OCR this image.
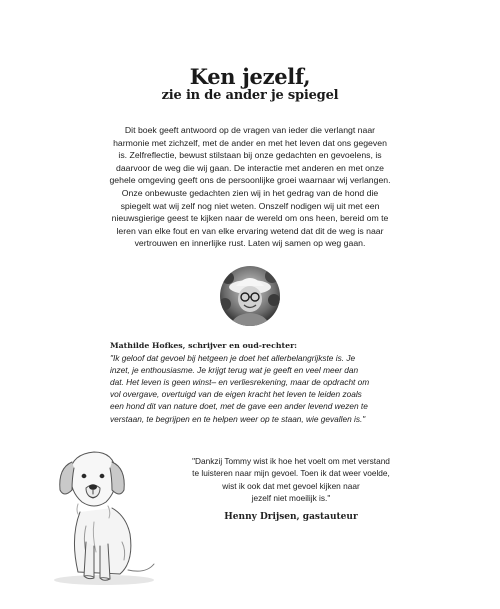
Ken jezelf,
zie in de ander je spiegel
Dit boek geeft antwoord op de vragen van ieder die verlangt naar
harmonie met zichzelf, met de ander en met het leven dat ons gegeven
is. Zelfreflectie, bewust stilstaan bij onze gedachten en gevoelens, is
daarvoor de weg die wij gaan. De interactie met anderen en met onze
gehele omgeving geeft ons de persoonlijke groei waarnaar wij verlangen.
Onze onbewuste gedachten zien wij in het gedrag van de hond die
spiegelt wat wij zelf nog niet weten. Onszelf nodigen wij uit met een
nieuwsgierige geest te kijken naar de wereld om ons heen, bereid om te
leren van elke fout en van elke ervaring wetend dat dit de weg is naar
vertrouwen en innerlijke rust. Laten wij samen op weg gaan.
Mathilde Hofkes, schrijver en oud-rechter:
"Ik geloof dat gevoel bij hetgeen je doet het allerbelangrijkste is. Je
inzet, je enthousiasme. Je krijgt terug wat je geeft en veel meer dan
dat. Het leven is geen winst– en verliesrekening, maar de opdracht om
vol overgave, overtuigd van de eigen kracht het leven te leiden zoals
een hond dit van nature doet, met de gave een ander levend wezen te
verstaan, te begrijpen en te helpen weer op te staan, wie gevallen is."
"Dankzij Tommy wist ik hoe het voelt om met verstand
te luisteren naar mijn gevoel. Toen ik dat weer voelde,
wist ik ook dat met gevoel kijken naar
jezelf niet moeilijk is."
Henny Drijsen, gastauteur
